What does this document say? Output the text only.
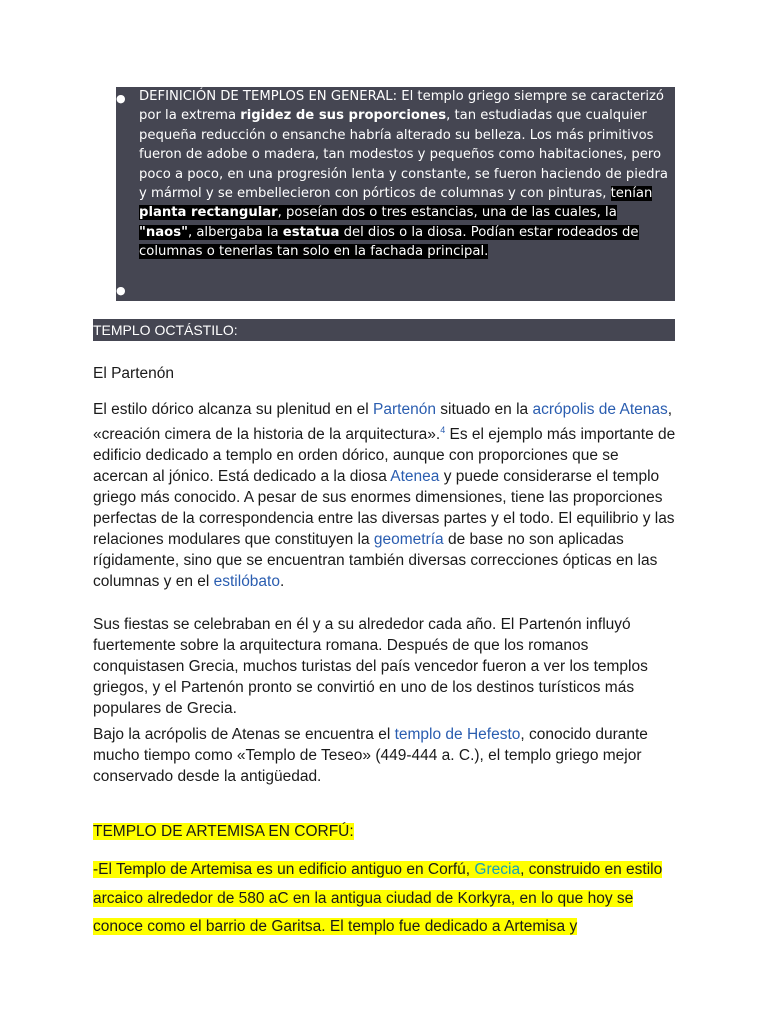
● DEFINICIÓN DE TEMPLOS EN GENERAL: El templo griego siempre se caracterizó por la extrema rigidez de sus proporciones, tan estudiadas que cualquier pequeña reducción o ensanche habría alterado su belleza. Los más primitivos fueron de adobe o madera, tan modestos y pequeños como habitaciones, pero poco a poco, en una progresión lenta y constante, se fueron haciendo de piedra y mármol y se embellecieron con pórticos de columnas y con pinturas, tenían planta rectangular, poseían dos o tres estancias, una de las cuales, la "naos", albergaba la estatua del dios o la diosa. Podían estar rodeados de columnas o tenerlas tan solo en la fachada principal.
●
TEMPLO OCTÁSTILO:
El Partenón
El estilo dórico alcanza su plenitud en el Partenón situado en la acrópolis de Atenas, «creación cimera de la historia de la arquitectura».$^4$ Es el ejemplo más importante de edificio dedicado a templo en orden dórico, aunque con proporciones que se acercan al jónico. Está dedicado a la diosa Atenea y puede considerarse el templo griego más conocido. A pesar de sus enormes dimensiones, tiene las proporciones perfectas de la correspondencia entre las diversas partes y el todo. El equilibrio y las relaciones modulares que constituyen la geometría de base no son aplicadas rígidamente, sino que se encuentran también diversas correcciones ópticas en las columnas y en el estilóbato.
Sus fiestas se celebraban en él y a su alrededor cada año. El Partenón influyó fuertemente sobre la arquitectura romana. Después de que los romanos conquistasen Grecia, muchos turistas del país vencedor fueron a ver los templos griegos, y el Partenón pronto se convirtió en uno de los destinos turísticos más populares de Grecia.
Bajo la acrópolis de Atenas se encuentra el templo de Hefesto, conocido durante mucho tiempo como «Templo de Teseo» (449-444 a. C.), el templo griego mejor conservado desde la antigüedad.
TEMPLO DE ARTEMISA EN CORFÚ:
-El Templo de Artemisa es un edificio antiguo en Corfú, Grecia, construido en estilo arcaico alrededor de 580 aC en la antigua ciudad de Korkyra, en lo que hoy se conoce como el barrio de Garitsa. El templo fue dedicado a Artemisa y
